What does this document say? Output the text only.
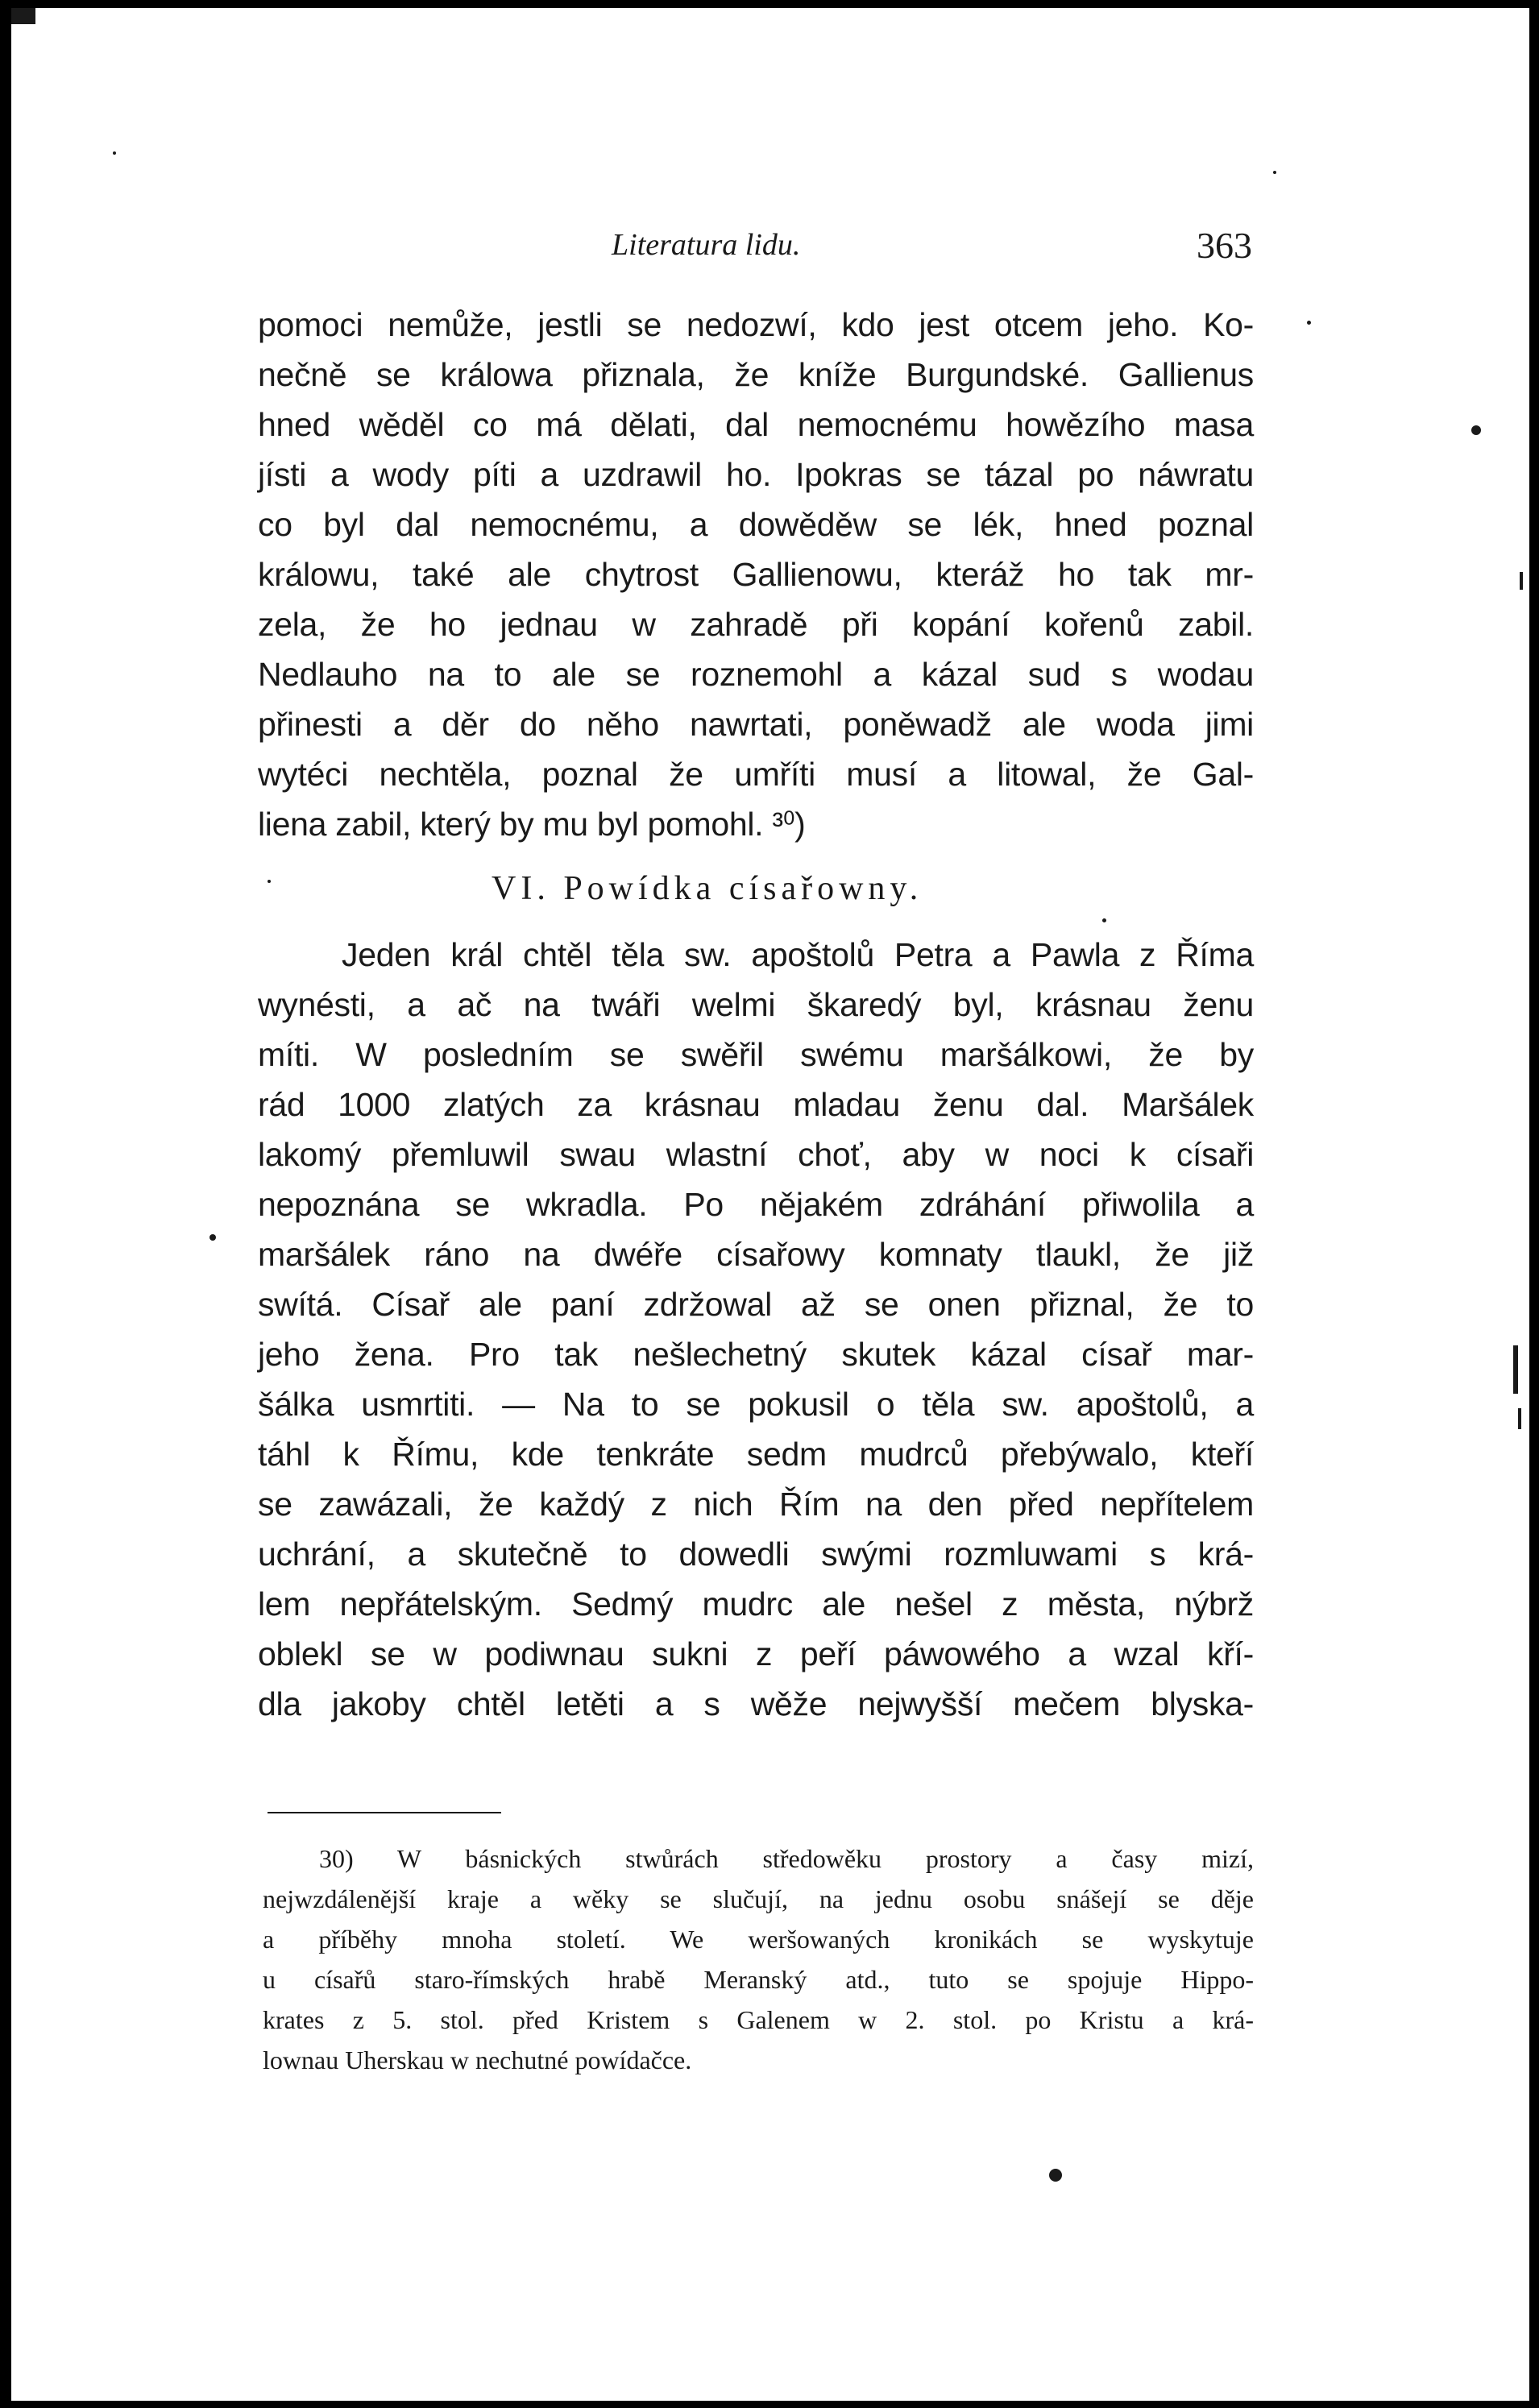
Literatura lidu.	363
pomoci nemůže, jestli se nedozwí, kdo jest otcem jeho. Ko-
nečně se králowa přiznala, že kníže Burgundské. Gallienus
hned wěděl co má dělati, dal nemocnému howězího masa
jísti a wody píti a uzdrawil ho. Ipokras se tázal po náwratu
co byl dal nemocnému, a dowěděw se lék, hned poznal
králowu, také ale chytrost Gallienowu, kteráž ho tak mr-
zela, že ho jednau w zahradě při kopání kořenů zabil.
Nedlauho na to ale se roznemohl a kázal sud s wodau
přinesti a děr do něho nawrtati, poněwadž ale woda jimi
wytéci nechtěla, poznal že umříti musí a litowal, že Gal-
liena zabil, který by mu byl pomohl. ³⁰)
VI. Powídka císařowny.
Jeden král chtěl těla sw. apoštolů Petra a Pawla z Říma
wynésti, a ač na twáři welmi škaredý byl, krásnau ženu
míti. W posledním se swěřil swému maršálkowi, že by
rád 1000 zlatých za krásnau mladau ženu dal. Maršálek
lakomý přemluwil swau wlastní choť, aby w noci k císaři
nepoznána se wkradla. Po nějakém zdráhání přiwolila a
maršálek ráno na dwéře císařowy komnaty tlaukl, že již
swítá. Císař ale paní zdržowal až se onen přiznal, že to
jeho žena. Pro tak nešlechetný skutek kázal císař mar-
šálka usmrtiti. — Na to se pokusil o těla sw. apoštolů, a
táhl k Římu, kde tenkráte sedm mudrců přebýwalo, kteří
se zawázali, že každý z nich Řím na den před nepřítelem
uchrání, a skutečně to dowedli swými rozmluwami s krá-
lem nepřátelským. Sedmý mudrc ale nešel z města, nýbrž
oblekl se w podiwnau sukni z peří páwowého a wzal kří-
dla jakoby chtěl letěti a s wěže nejwyšší mečem blyska-
30) W básnických stwůrách středowěku prostory a časy mizí,
nejwzdálenější kraje a wěky se slučují, na jednu osobu snášejí se děje
a příběhy mnoha století. We weršowaných kronikách se wyskytuje
u císařů staro-římských hrabě Meranský atd., tuto se spojuje Hippo-
krates z 5. stol. před Kristem s Galenem w 2. stol. po Kristu a krá-
lownau Uherskau w nechutné powídačce.
